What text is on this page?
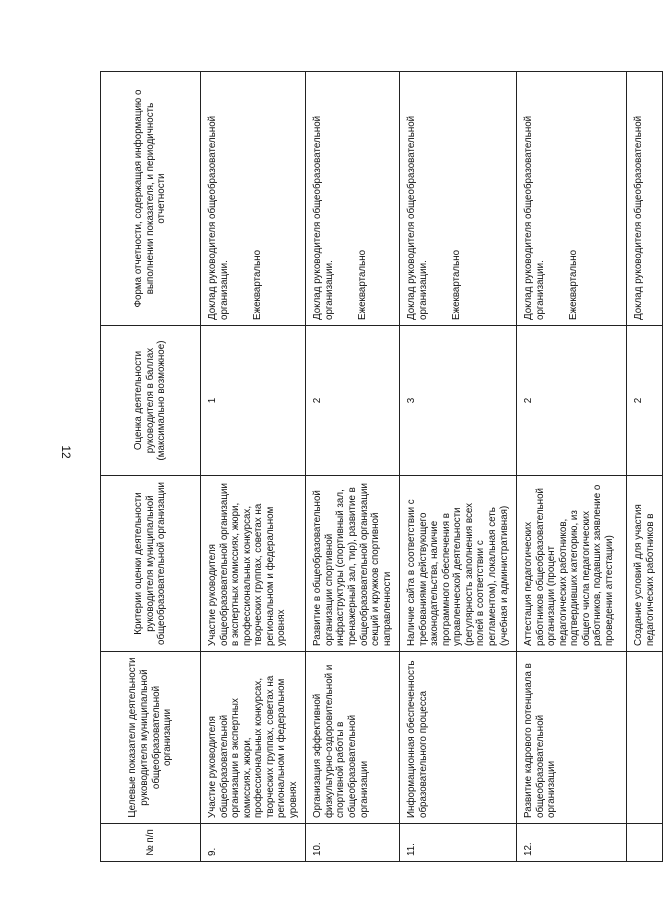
12
№ п/п	Целевые показатели деятельности руководителя муниципальной общеобразовательной организации	Критерии оценки деятельности руководителя муниципальной общеобразовательной организации	Оценка деятельности руководителя в баллах (максимально возможное)	Форма отчетности, содержащая информацию о выполнении показателя, и периодичность отчетности
9.	Участие руководителя общеобразовательной организации в экспертных комиссиях, жюри, профессиональных конкурсах, творческих группах, советах на региональном и федеральном уровнях	Участие руководителя общеобразовательной организации в экспертных комиссиях, жюри, профессиональных конкурсах, творческих группах, советах на региональном и федеральном уровнях	1	Доклад руководителя общеобразовательной организации. Ежеквартально
10.	Организация эффективной физкультурно-оздоровительной и спортивной работы в общеобразовательной организации	Развитие в общеобразовательной организации спортивной инфраструктуры (спортивный зал, тренажерный зал, тир), развитие в общеобразовательной организации секций и кружков спортивной направленности	2	Доклад руководителя общеобразовательной организации. Ежеквартально
11.	Информационная обеспеченность образовательного процесса	Наличие сайта в соответствии с требованиями действующего законодательства, наличие программного обеспечения в управленческой деятельности (регулярность заполнения всех полей в соответствии с регламентом), локальная сеть (учебная и административная)	3	Доклад руководителя общеобразовательной организации. Ежеквартально
12.	Развитие кадрового потенциала в общеобразовательной организации	Аттестация педагогических работников общеобразовательной организации (процент педагогических работников, подтвердивших категорию, из общего числа педагогических работников, подавших заявление о проведении аттестации)	2	Доклад руководителя общеобразовательной организации. Ежеквартально
		Создание условий для участия педагогических работников в	2	Доклад руководителя общеобразовательной
